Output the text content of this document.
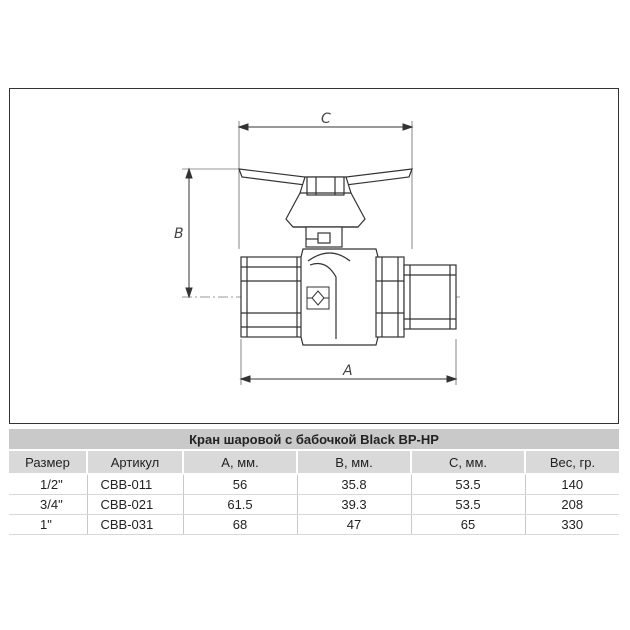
C
B
A
Кран шаровой с бабочкой Black BP-HP					
Размер	Артикул	A, мм.	B, мм.	C, мм.	Вес, гр.
1/2"	CBB-011	56	35.8	53.5	140
3/4"	CBB-021	61.5	39.3	53.5	208
1"	CBB-031	68	47	65	330
